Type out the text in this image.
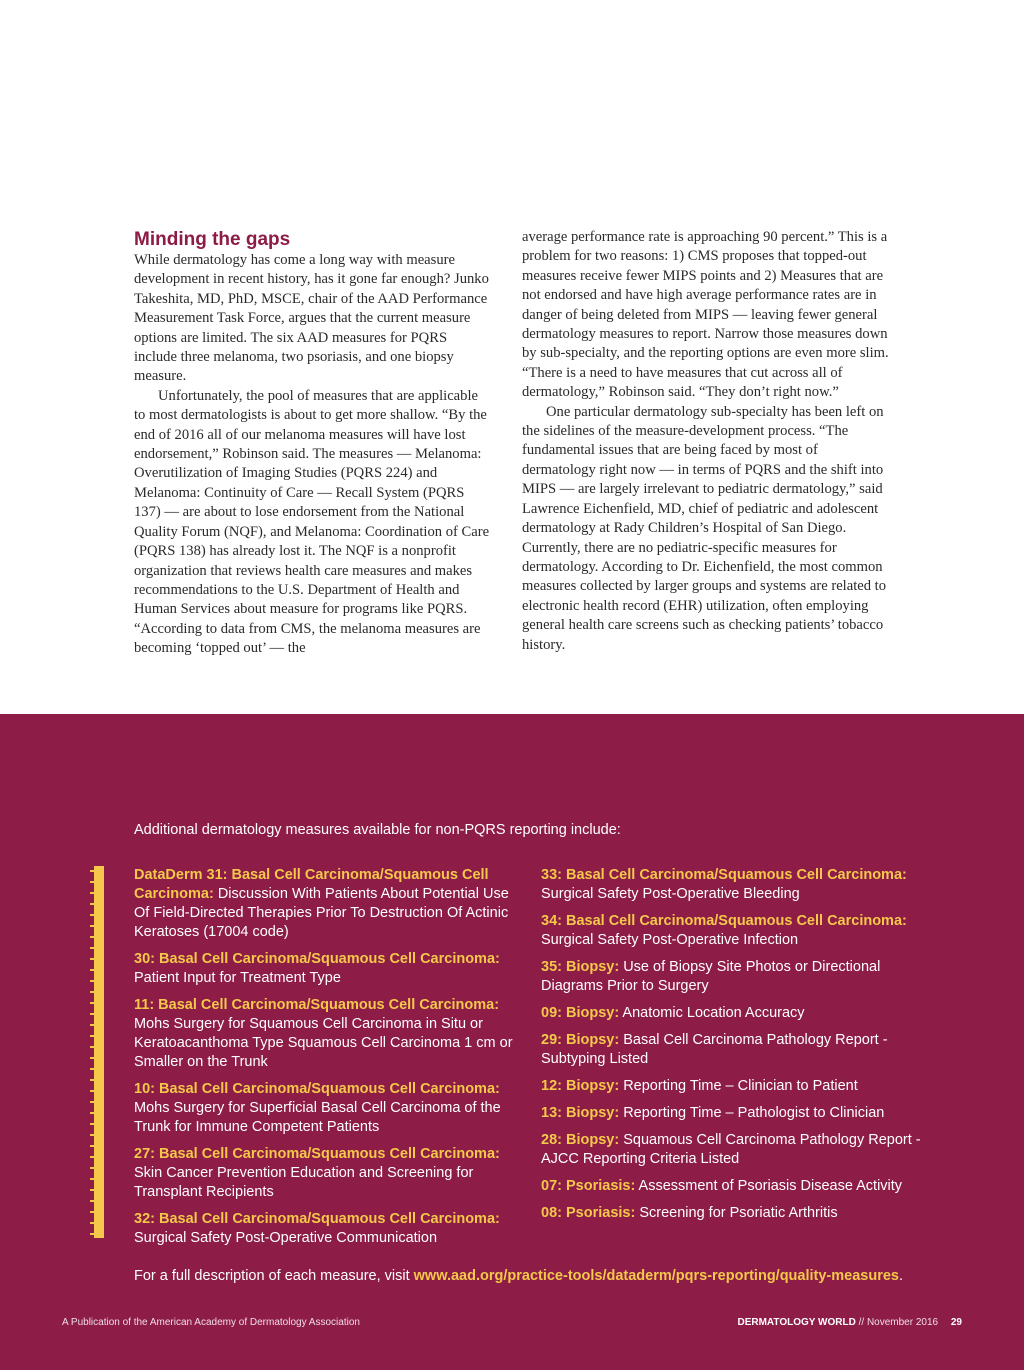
Minding the gaps

While dermatology has come a long way with measure development in recent history, has it gone far enough? Junko Takeshita, MD, PhD, MSCE, chair of the AAD Performance Measurement Task Force, argues that the current measure options are limited. The six AAD measures for PQRS include three melanoma, two psoriasis, and one biopsy measure.

Unfortunately, the pool of measures that are applicable to most dermatologists is about to get more shallow. “By the end of 2016 all of our melanoma measures will have lost endorsement,” Robinson said. The measures — Melanoma: Overutilization of Imaging Studies (PQRS 224) and Melanoma: Continuity of Care — Recall System (PQRS 137) — are about to lose endorsement from the National Quality Forum (NQF), and Melanoma: Coordination of Care (PQRS 138) has already lost it. The NQF is a nonprofit organization that reviews health care measures and makes recommendations to the U.S. Department of Health and Human Services about measure for programs like PQRS. “According to data from CMS, the melanoma measures are becoming ‘topped out’ — the

average performance rate is approaching 90 percent.” This is a problem for two reasons: 1) CMS proposes that topped-out measures receive fewer MIPS points and 2) Measures that are not endorsed and have high average performance rates are in danger of being deleted from MIPS — leaving fewer general dermatology measures to report. Narrow those measures down by sub-specialty, and the reporting options are even more slim. “There is a need to have measures that cut across all of dermatology,” Robinson said. “They don’t right now.”

One particular dermatology sub-specialty has been left on the sidelines of the measure-development process. “The fundamental issues that are being faced by most of dermatology right now — in terms of PQRS and the shift into MIPS — are largely irrelevant to pediatric dermatology,” said Lawrence Eichenfield, MD, chief of pediatric and adolescent dermatology at Rady Children’s Hospital of San Diego. Currently, there are no pediatric-specific measures for dermatology. According to Dr. Eichenfield, the most common measures collected by larger groups and systems are related to electronic health record (EHR) utilization, often employing general health care screens such as checking patients’ tobacco history.

Additional dermatology measures available for non-PQRS reporting include:
DataDerm 31: Basal Cell Carcinoma/Squamous Cell Carcinoma: Discussion With Patients About Potential Use Of Field-Directed Therapies Prior To Destruction Of Actinic Keratoses (17004 code)
30: Basal Cell Carcinoma/Squamous Cell Carcinoma: Patient Input for Treatment Type
11: Basal Cell Carcinoma/Squamous Cell Carcinoma: Mohs Surgery for Squamous Cell Carcinoma in Situ or Keratoacanthoma Type Squamous Cell Carcinoma 1 cm or Smaller on the Trunk
10: Basal Cell Carcinoma/Squamous Cell Carcinoma: Mohs Surgery for Superficial Basal Cell Carcinoma of the Trunk for Immune Competent Patients
27: Basal Cell Carcinoma/Squamous Cell Carcinoma: Skin Cancer Prevention Education and Screening for Transplant Recipients
32: Basal Cell Carcinoma/Squamous Cell Carcinoma: Surgical Safety Post-Operative Communication
33: Basal Cell Carcinoma/Squamous Cell Carcinoma: Surgical Safety Post-Operative Bleeding
34: Basal Cell Carcinoma/Squamous Cell Carcinoma: Surgical Safety Post-Operative Infection
35: Biopsy: Use of Biopsy Site Photos or Directional Diagrams Prior to Surgery
09: Biopsy: Anatomic Location Accuracy
29: Biopsy: Basal Cell Carcinoma Pathology Report - Subtyping Listed
12: Biopsy: Reporting Time – Clinician to Patient
13: Biopsy: Reporting Time – Pathologist to Clinician
28: Biopsy: Squamous Cell Carcinoma Pathology Report - AJCC Reporting Criteria Listed
07: Psoriasis: Assessment of Psoriasis Disease Activity
08: Psoriasis: Screening for Psoriatic Arthritis
For a full description of each measure, visit www.aad.org/practice-tools/dataderm/pqrs-reporting/quality-measures.
A Publication of the American Academy of Dermatology Association	DERMATOLOGY WORLD // November 2016 29
